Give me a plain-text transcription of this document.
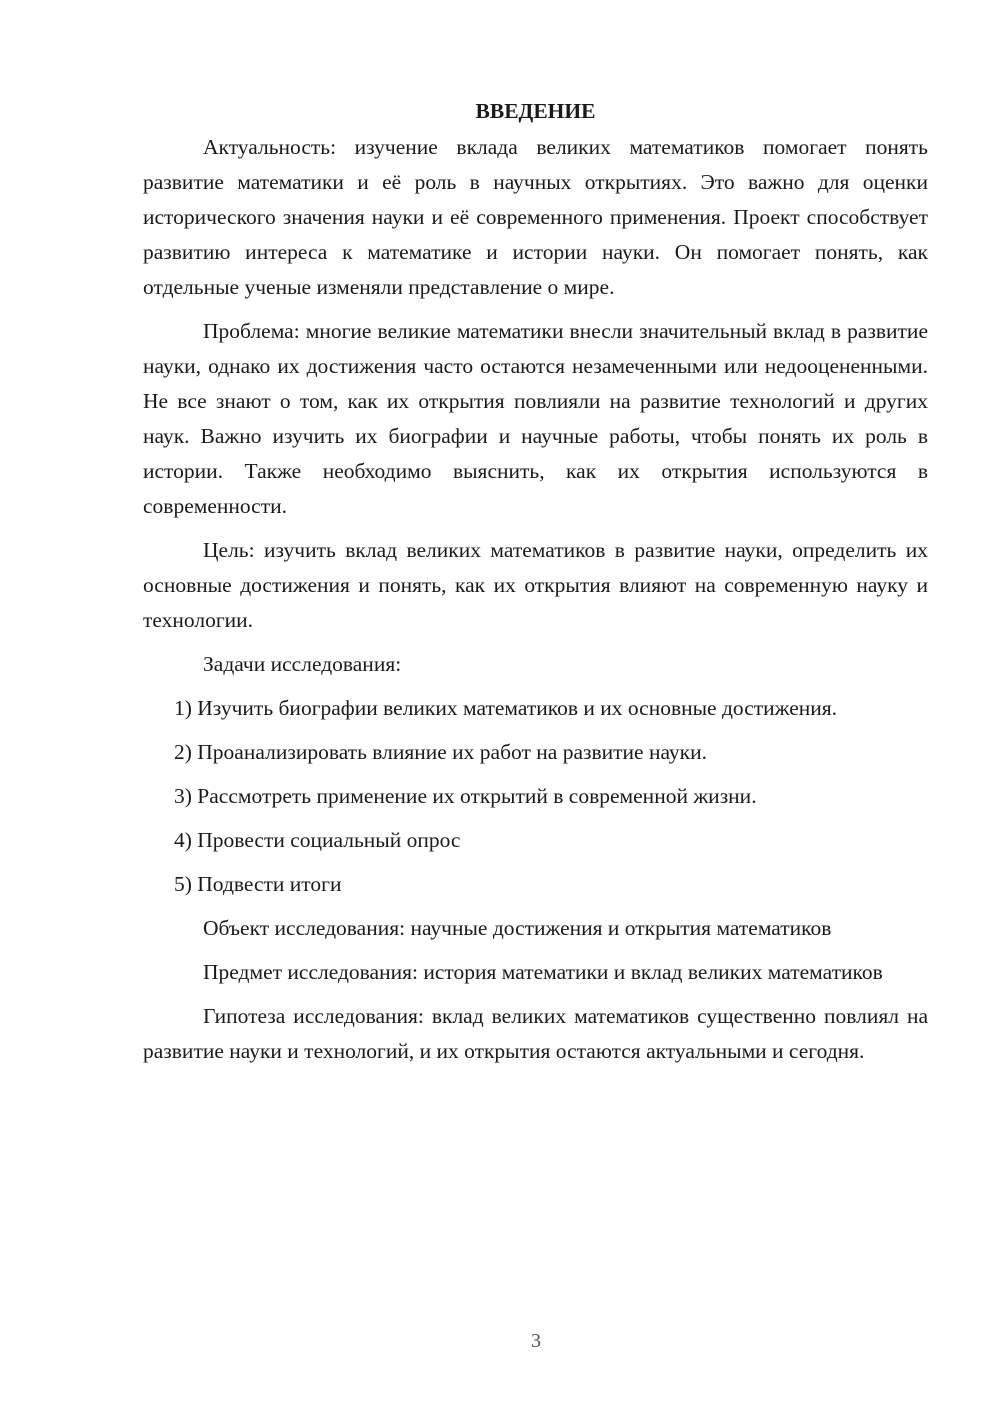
ВВЕДЕНИЕ

Актуальность: изучение вклада великих математиков помогает понять развитие математики и её роль в научных открытиях. Это важно для оценки исторического значения науки и её современного применения. Проект способствует развитию интереса к математике и истории науки. Он помогает понять, как отдельные ученые изменяли представление о мире.

Проблема: многие великие математики внесли значительный вклад в развитие науки, однако их достижения часто остаются незамеченными или недооцененными. Не все знают о том, как их открытия повлияли на развитие технологий и других наук. Важно изучить их биографии и научные работы, чтобы понять их роль в истории. Также необходимо выяснить, как их открытия используются в современности.

Цель: изучить вклад великих математиков в развитие науки, определить их основные достижения и понять, как их открытия влияют на современную науку и технологии.

Задачи исследования:

1) Изучить биографии великих математиков и их основные достижения.

2) Проанализировать влияние их работ на развитие науки.

3) Рассмотреть применение их открытий в современной жизни.

4) Провести социальный опрос

5) Подвести итоги

Объект исследования: научные достижения и открытия математиков

Предмет исследования: история математики и вклад великих математиков

Гипотеза исследования: вклад великих математиков существенно повлиял на развитие науки и технологий, и их открытия остаются актуальными и сегодня.

3
